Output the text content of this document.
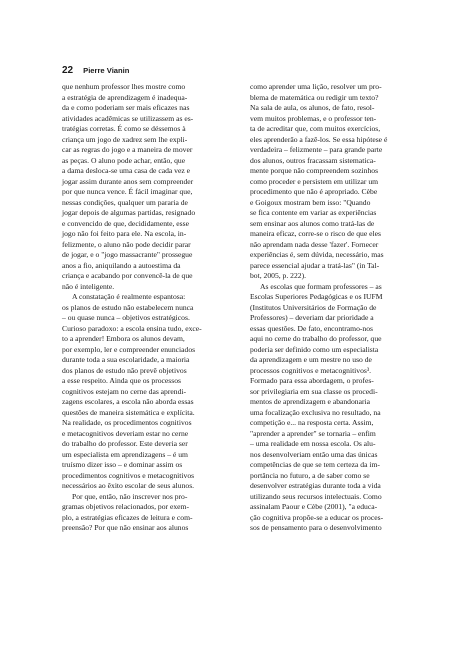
22 Pierre Vianin
que nenhum professor lhes mostre como
a estratégia de aprendizagem é inadequa-
da e como poderiam ser mais eficazes nas
atividades acadêmicas se utilizassem as es-
tratégias corretas. É como se déssemos à
criança um jogo de xadrez sem lhe expli-
car as regras do jogo e a maneira de mover
as peças. O aluno pode achar, então, que
a dama desloca-se uma casa de cada vez e
jogar assim durante anos sem compreender
por que nunca vence. É fácil imaginar que,
nessas condições, qualquer um pararia de
jogar depois de algumas partidas, resignado
e convencido de que, decididamente, esse
jogo não foi feito para ele. Na escola, in-
felizmente, o aluno não pode decidir parar
de jogar, e o "jogo massacrante" prossegue
anos a fio, aniquilando a autoestima da
criança e acabando por convencê-la de que
não é inteligente.
A constatação é realmente espantosa:
os planos de estudo não estabelecem nunca
– ou quase nunca – objetivos estratégicos.
Curioso paradoxo: a escola ensina tudo, exce-
to a aprender! Embora os alunos devam,
por exemplo, ler e compreender enunciados
durante toda a sua escolaridade, a maioria
dos planos de estudo não prevê objetivos
a esse respeito. Ainda que os processos
cognitivos estejam no cerne das aprendi-
zagens escolares, a escola não aborda essas
questões de maneira sistemática e explícita.
Na realidade, os procedimentos cognitivos
e metacognitivos deveriam estar no cerne
do trabalho do professor. Este deveria ser
um especialista em aprendizagens – é um
truísmo dizer isso – e dominar assim os
procedimentos cognitivos e metacognitivos
necessários ao êxito escolar de seus alunos.
Por que, então, não inscrever nos pro-
gramas objetivos relacionados, por exem-
plo, a estratégias eficazes de leitura e com-
preensão? Por que não ensinar aos alunos
como aprender uma lição, resolver um pro-
blema de matemática ou redigir um texto?
Na sala de aula, os alunos, de fato, resol-
vem muitos problemas, e o professor ten-
ta de acreditar que, com muitos exercícios,
eles aprenderão a fazê-los. Se essa hipótese é
verdadeira – felizmente – para grande parte
dos alunos, outros fracassam sistematica-
mente porque não compreendem sozinhos
como proceder e persistem em utilizar um
procedimento que não é apropriado. Cèbe
e Goigoux mostram bem isso: "Quando
se fica contente em variar as experiências
sem ensinar aos alunos como tratá-las de
maneira eficaz, corre-se o risco de que eles
não aprendam nada desse 'fazer'. Fornecer
experiências é, sem dúvida, necessário, mas
parece essencial ajudar a tratá-las" (in Tal-
bot, 2005, p. 222).
As escolas que formam professores – as
Escolas Superiores Pedagógicas e os IUFM
(Institutos Universitários de Formação de
Professores) – deveriam dar prioridade a
essas questões. De fato, encontramo-nos
aqui no cerne do trabalho do professor, que
poderia ser definido como um especialista
da aprendizagem e um mestre no uso de
processos cognitivos e metacognitivos³.
Formado para essa abordagem, o profes-
sor privilegiaria em sua classe os procedi-
mentos de aprendizagem e abandonaria
uma focalização exclusiva no resultado, na
competição e... na resposta certa. Assim,
"aprender a aprender" se tornaria – enfim
– uma realidade em nossa escola. Os alu-
nos desenvolveriam então uma das únicas
competências de que se tem certeza da im-
portância no futuro, a de saber como se
desenvolver estratégias durante toda a vida
utilizando seus recursos intelectuais. Como
assinalam Paour e Cèbe (2001), "a educa-
ção cognitiva propõe-se a educar os proces-
sos de pensamento para o desenvolvimento
